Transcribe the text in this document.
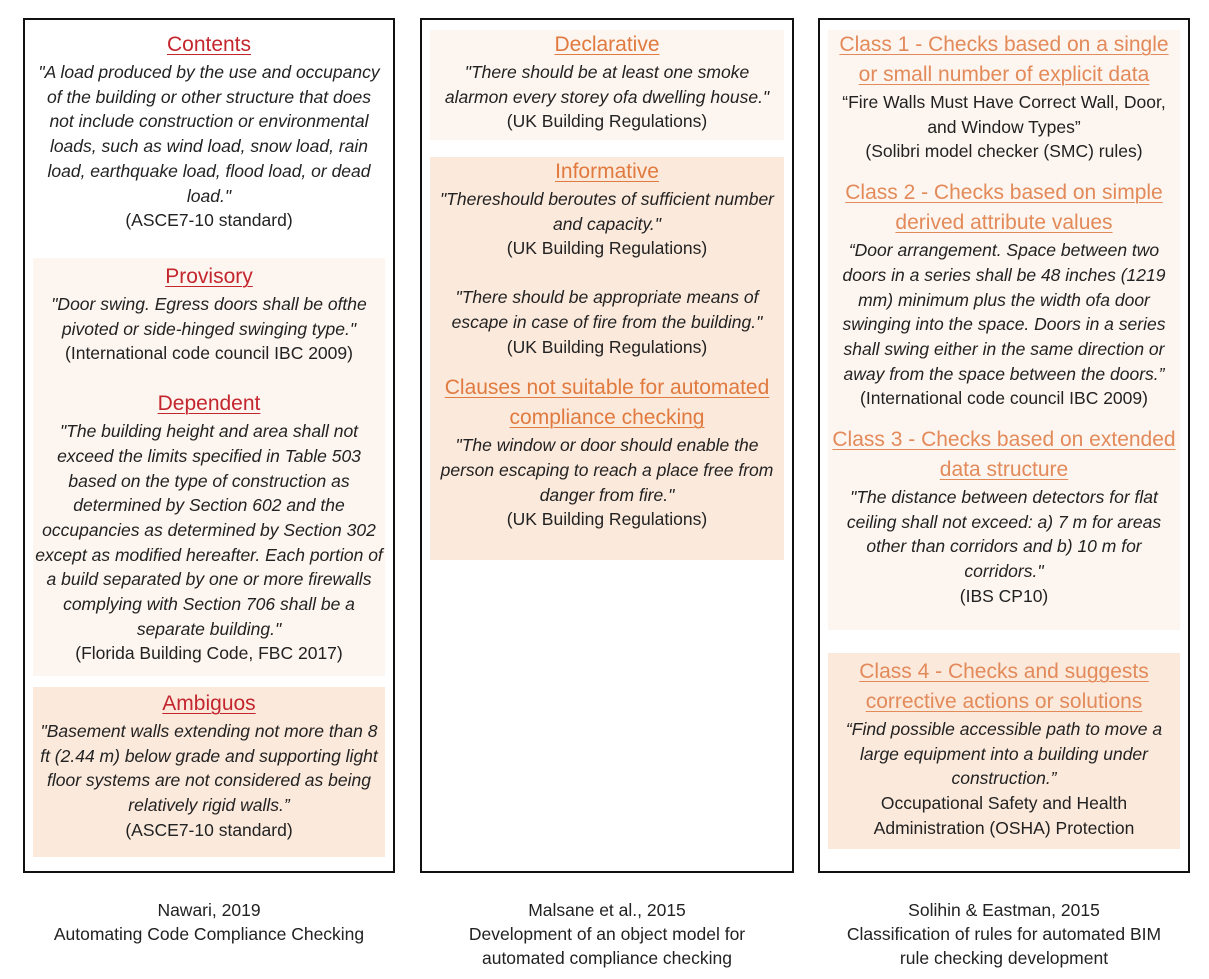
Contents
"A load produced by the use and occupancy of the building or other structure that does not include construction or environmental loads, such as wind load, snow load, rain load, earthquake load, flood load, or dead load."
(ASCE7-10 standard)
Provisory
"Door swing. Egress doors shall be ofthe pivoted or side-hinged swinging type."
(International code council IBC 2009)
Dependent
"The building height and area shall not exceed the limits specified in Table 503 based on the type of construction as determined by Section 602 and the occupancies as determined by Section 302 except as modified hereafter. Each portion of a build separated by one or more firewalls complying with Section 706 shall be a separate building."
(Florida Building Code, FBC 2017)
Ambiguos
"Basement walls extending not more than 8 ft (2.44 m) below grade and supporting light floor systems are not considered as being relatively rigid walls.”
(ASCE7-10 standard)
Declarative
"There should be at least one smoke alarmon every storey ofa dwelling house."
(UK Building Regulations)
Informative
"Thereshould beroutes of sufficient number and capacity."
(UK Building Regulations)
"There should be appropriate means of escape in case of fire from the building."
(UK Building Regulations)
Clauses not suitable for automated compliance checking
"The window or door should enable the person escaping to reach a place free from danger from fire."
(UK Building Regulations)
Class 1 - Checks based on a single or small number of explicit data
“Fire Walls Must Have Correct Wall, Door, and Window Types”
(Solibri model checker (SMC) rules)
Class 2 - Checks based on simple derived attribute values
“Door arrangement. Space between two doors in a series shall be 48 inches (1219 mm) minimum plus the width ofa door swinging into the space. Doors in a series shall swing either in the same direction or away from the space between the doors.”
(International code council IBC 2009)
Class 3 - Checks based on extended data structure
"The distance between detectors for flat ceiling shall not exceed: a) 7 m for areas other than corridors and b) 10 m for corridors."
(IBS CP10)
Class 4 - Checks and suggests corrective actions or solutions
“Find possible accessible path to move a large equipment into a building under construction.”
Occupational Safety and Health Administration (OSHA) Protection
Nawari, 2019
Automating Code Compliance Checking
Malsane et al., 2015
Development of an object model for automated compliance checking
Solihin & Eastman, 2015
Classification of rules for automated BIM rule checking development
